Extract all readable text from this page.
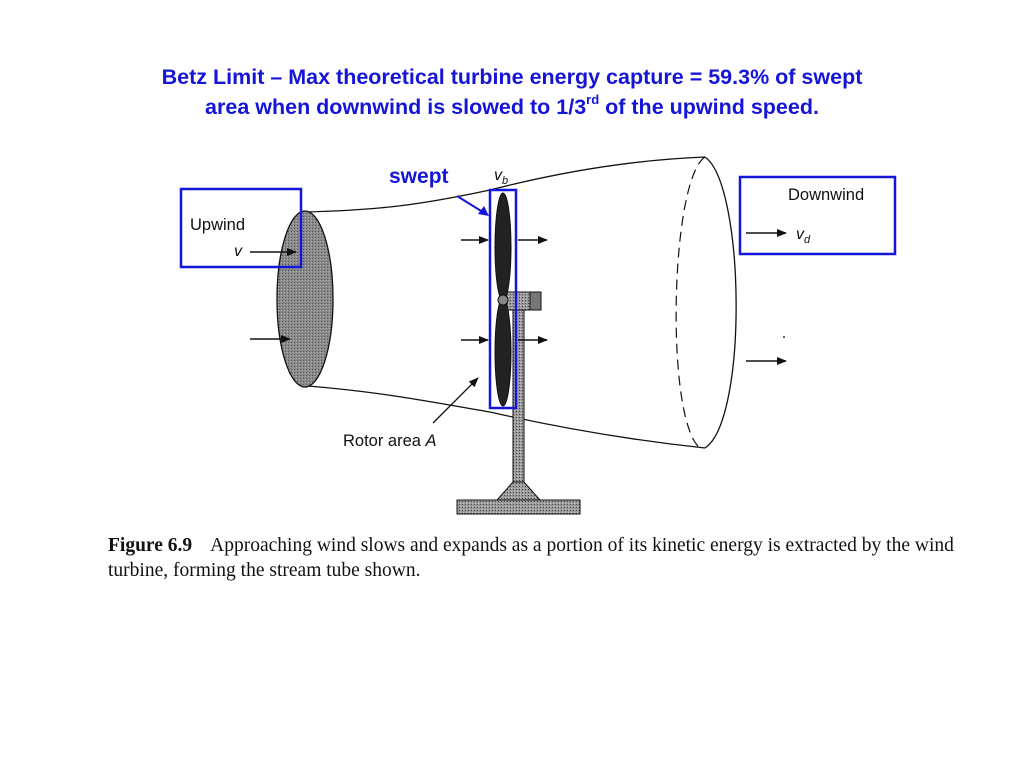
Betz Limit – Max theoretical turbine energy capture = 59.3% of swept
area when downwind is slowed to 1/3rd of the upwind speed.
Upwind
v
$v_b$
swept
Downwind
$v_d$
Rotor area A
Figure 6.9 Approaching wind slows and expands as a portion of its kinetic energy is extracted by the wind turbine, forming the stream tube shown.
